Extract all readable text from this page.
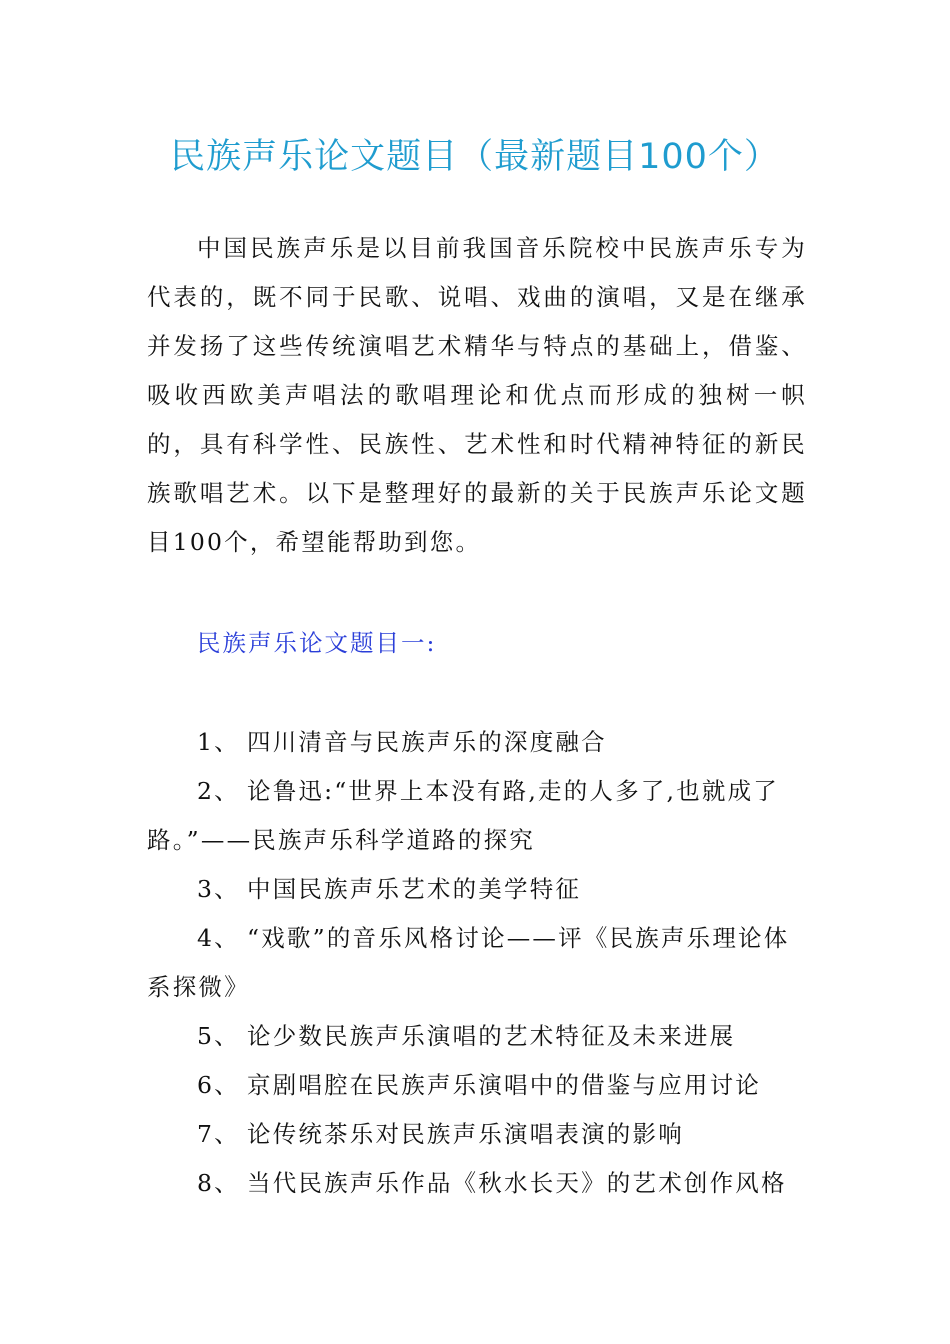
民族声乐论文题目（最新题目100个）

中国民族声乐是以目前我国音乐院校中民族声乐专为代表的，既不同于民歌、说唱、戏曲的演唱，又是在继承并发扬了这些传统演唱艺术精华与特点的基础上，借鉴、吸收西欧美声唱法的歌唱理论和优点而形成的独树一帜的，具有科学性、民族性、艺术性和时代精神特征的新民族歌唱艺术。以下是整理好的最新的关于民族声乐论文题目100个，希望能帮助到您。

民族声乐论文题目一:
1、 四川清音与民族声乐的深度融合
2、 论鲁迅:“世界上本没有路,走的人多了,也就成了路。”——民族声乐科学道路的探究
3、 中国民族声乐艺术的美学特征
4、 “戏歌”的音乐风格讨论——评《民族声乐理论体系探微》
5、 论少数民族声乐演唱的艺术特征及未来进展
6、 京剧唱腔在民族声乐演唱中的借鉴与应用讨论
7、 论传统茶乐对民族声乐演唱表演的影响
8、 当代民族声乐作品《秋水长天》的艺术创作风格
